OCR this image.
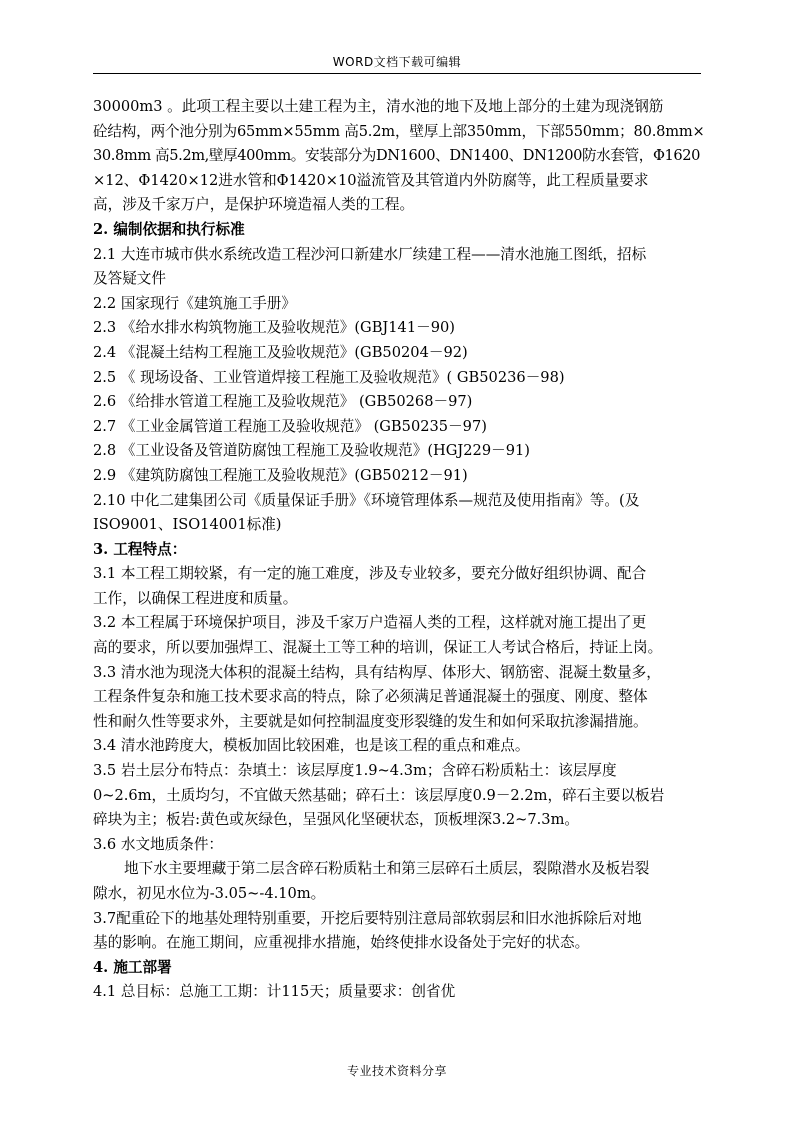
WORD文档下载可编辑
30000m3 。此项工程主要以土建工程为主，清水池的地下及地上部分的土建为现浇钢筋
砼结构，两个池分别为65mm×55mm 高5.2m，壁厚上部350mm，下部550mm；80.8mm×
30.8mm 高5.2m,壁厚400mm。安装部分为DN1600、DN1400、DN1200防水套管，Φ1620
×12、Φ1420×12进水管和Φ1420×10溢流管及其管道内外防腐等，此工程质量要求
高，涉及千家万户，是保护环境造福人类的工程。
2. 编制依据和执行标准
2.1 大连市城市供水系统改造工程沙河口新建水厂续建工程——清水池施工图纸，招标
及答疑文件
2.2 国家现行《建筑施工手册》
2.3 《给水排水构筑物施工及验收规范》(GBJ141－90)
2.4 《混凝土结构工程施工及验收规范》(GB50204－92)
2.5 《 现场设备、工业管道焊接工程施工及验收规范》( GB50236－98)
2.6 《给排水管道工程施工及验收规范》 (GB50268－97)
2.7 《工业金属管道工程施工及验收规范》 (GB50235－97)
2.8 《工业设备及管道防腐蚀工程施工及验收规范》(HGJ229－91)
2.9 《建筑防腐蚀工程施工及验收规范》(GB50212－91)
2.10 中化二建集团公司《质量保证手册》《环境管理体系—规范及使用指南》等。(及
ISO9001、ISO14001标准)
3. 工程特点：
3.1 本工程工期较紧，有一定的施工难度，涉及专业较多，要充分做好组织协调、配合
工作，以确保工程进度和质量。
3.2 本工程属于环境保护项目，涉及千家万户造福人类的工程，这样就对施工提出了更
高的要求，所以要加强焊工、混凝土工等工种的培训，保证工人考试合格后，持证上岗。
3.3 清水池为现浇大体积的混凝土结构，具有结构厚、体形大、钢筋密、混凝土数量多，
工程条件复杂和施工技术要求高的特点，除了必须满足普通混凝土的强度、刚度、整体
性和耐久性等要求外，主要就是如何控制温度变形裂缝的发生和如何采取抗渗漏措施。
3.4 清水池跨度大，模板加固比较困难，也是该工程的重点和难点。
3.5 岩土层分布特点：杂填土：该层厚度1.9~4.3m；含碎石粉质粘土：该层厚度
0~2.6m，土质均匀，不宜做天然基础；碎石土：该层厚度0.9－2.2m，碎石主要以板岩
碎块为主；板岩:黄色或灰绿色，呈强风化坚硬状态，顶板埋深3.2~7.3m。
3.6 水文地质条件：
地下水主要埋藏于第二层含碎石粉质粘土和第三层碎石土质层，裂隙潜水及板岩裂
隙水，初见水位为-3.05~-4.10m。
3.7配重砼下的地基处理特别重要，开挖后要特别注意局部软弱层和旧水池拆除后对地
基的影响。在施工期间，应重视排水措施，始终使排水设备处于完好的状态。
4. 施工部署
4.1 总目标：总施工工期：计115天；质量要求：创省优
专业技术资料分享
